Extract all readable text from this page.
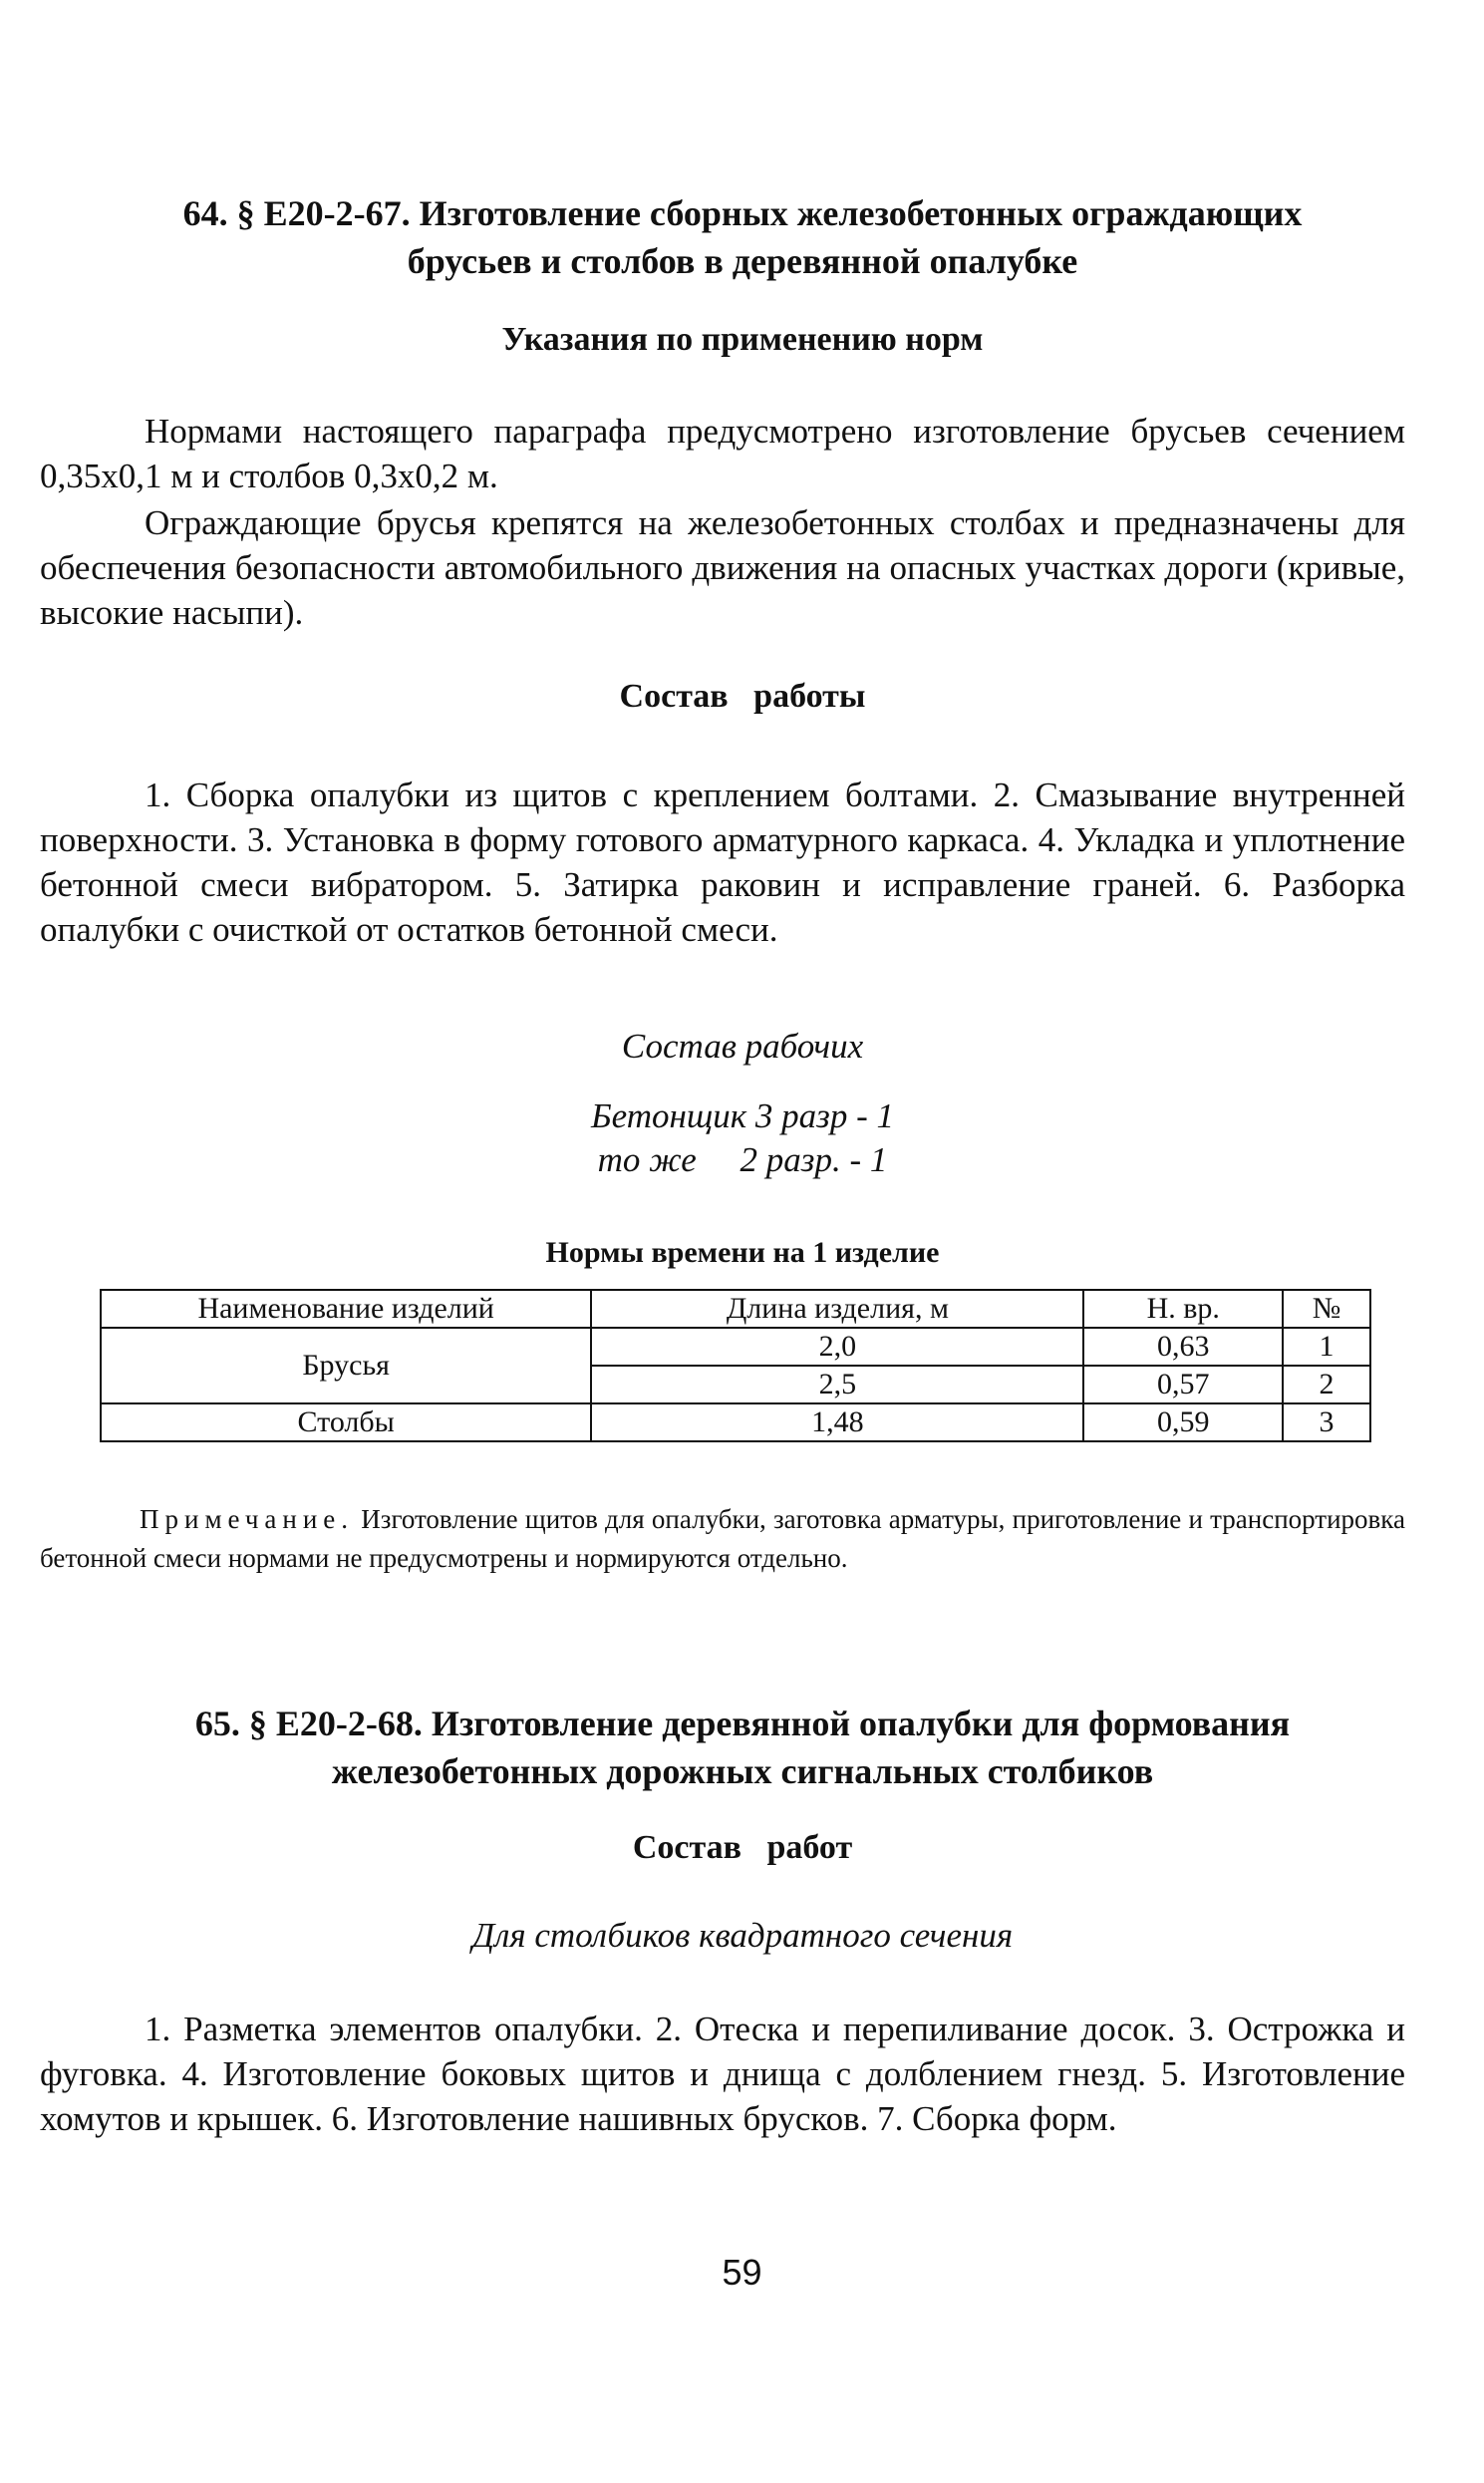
64. § Е20-2-67. Изготовление сборных железобетонных ограждающих
брусьев и столбов в деревянной опалубке
Указания по применению норм
Нормами настоящего параграфа предусмотрено изготовление брусьев сечением 0,35х0,1 м и столбов 0,3х0,2 м.
Ограждающие брусья крепятся на железобетонных столбах и предназначены для обеспечения безопасности автомобильного движения на опасных участках дороги (кривые, высокие насыпи).
Состав   работы
1. Сборка опалубки из щитов с креплением болтами. 2. Смазывание внутренней поверхности. 3. Установка в форму готового арматурного каркаса. 4. Укладка и уплотнение бетонной смеси вибратором. 5. Затирка раковин и исправление граней. 6. Разборка опалубки с очисткой от остатков бетонной смеси.
Состав рабочих
Бетонщик 3 разр - 1
то же     2 разр. - 1
Нормы времени на 1 изделие
Наименование изделий	Длина изделия, м	Н. вр.	№
Брусья	2,0	0,63	1
	2,5	0,57	2
Столбы	1,48	0,59	3
Примечание. Изготовление щитов для опалубки, заготовка арматуры, приготовление и транспортировка бетонной смеси нормами не предусмотрены и нормируются отдельно.
65. § Е20-2-68. Изготовление деревянной опалубки для формования
железобетонных дорожных сигнальных столбиков
Состав   работ
Для столбиков квадратного сечения
1. Разметка элементов опалубки. 2. Отеска и перепиливание досок. 3. Острожка и фуговка. 4. Изготовление боковых щитов и днища с долблением гнезд. 5. Изготовление хомутов и крышек. 6. Изготовление нашивных брусков. 7. Сборка форм.
59
